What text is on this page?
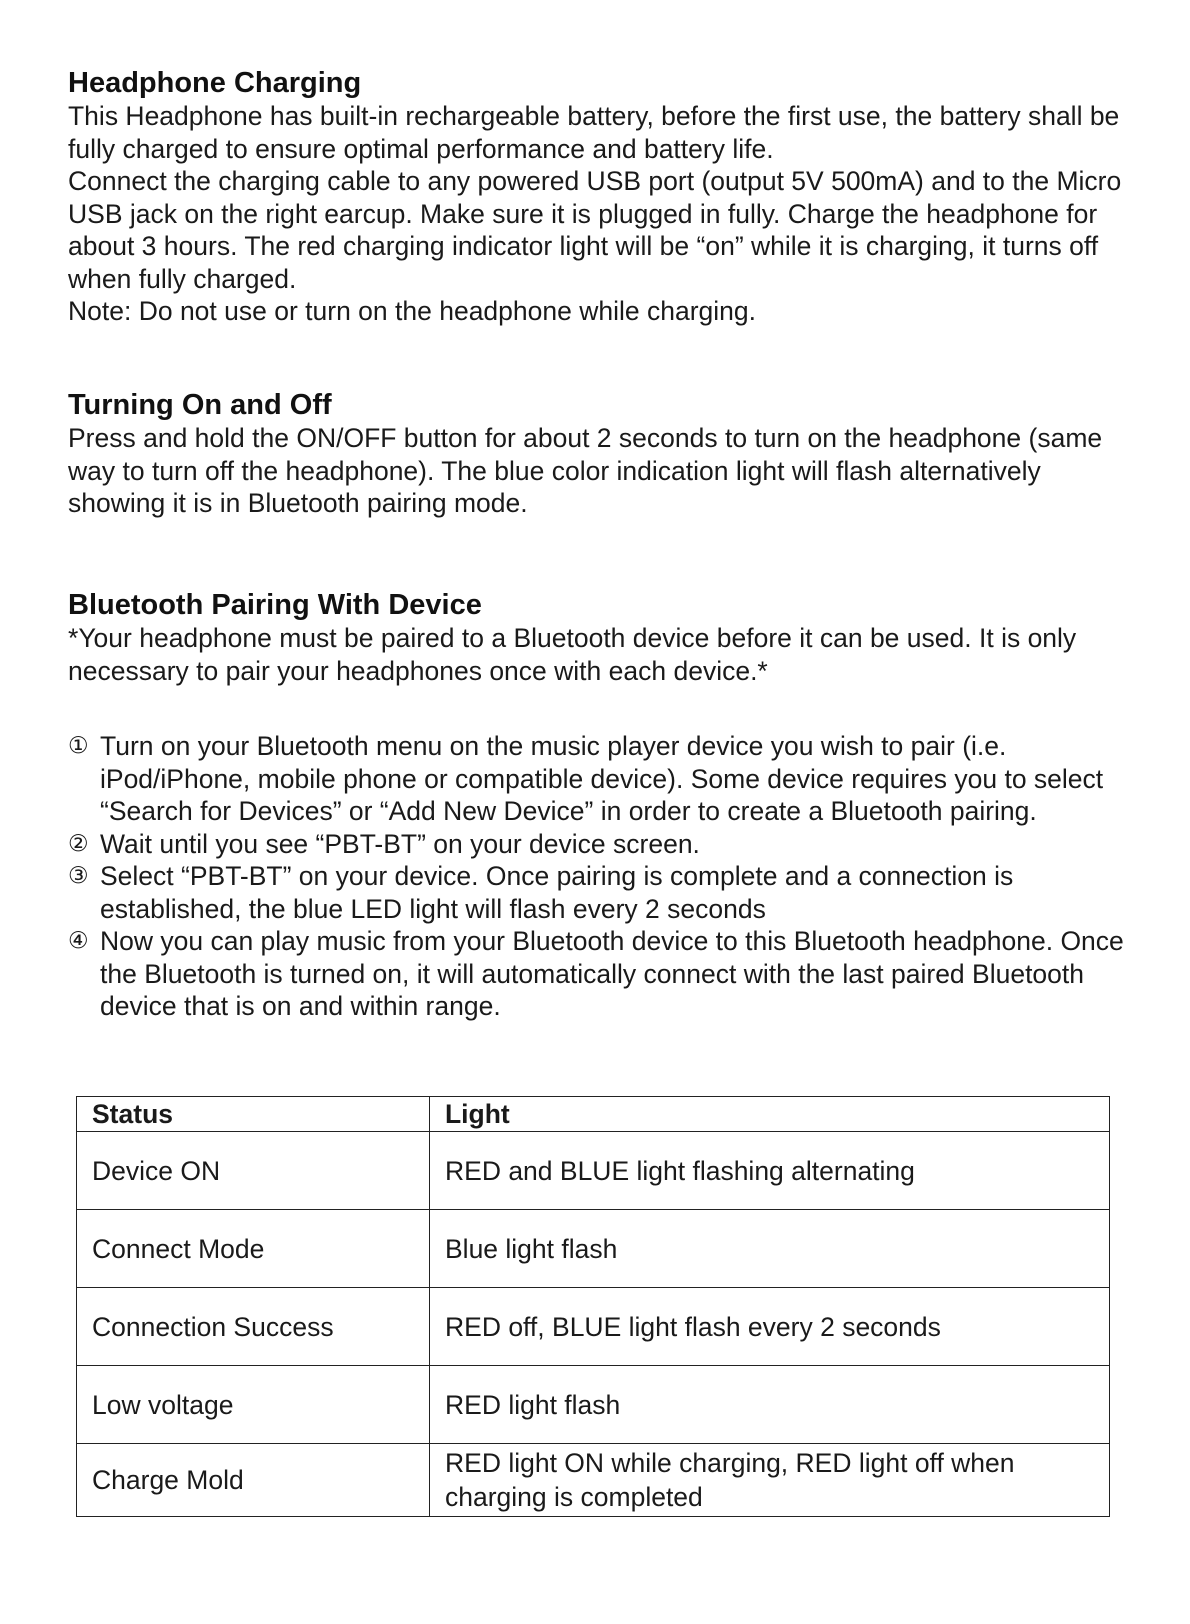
Headphone Charging

This Headphone has built-in rechargeable battery, before the first use, the battery shall be fully charged to ensure optimal performance and battery life.

Connect the charging cable to any powered USB port (output 5V 500mA) and to the Micro USB jack on the right earcup. Make sure it is plugged in fully. Charge the headphone for about 3 hours. The red charging indicator light will be “on” while it is charging, it turns off when fully charged.

Note: Do not use or turn on the headphone while charging.

Turning On and Off

Press and hold the ON/OFF button for about 2 seconds to turn on the headphone (same way to turn off the headphone). The blue color indication light will flash alternatively showing it is in Bluetooth pairing mode.

Bluetooth Pairing With Device

*Your headphone must be paired to a Bluetooth device before it can be used. It is only necessary to pair your headphones once with each device.*

① Turn on your Bluetooth menu on the music player device you wish to pair (i.e. iPod/iPhone, mobile phone or compatible device). Some device requires you to select “Search for Devices” or “Add New Device” in order to create a Bluetooth pairing.
② Wait until you see “PBT-BT” on your device screen.
③ Select “PBT-BT” on your device. Once pairing is complete and a connection is established, the blue LED light will flash every 2 seconds
④ Now you can play music from your Bluetooth device to this Bluetooth headphone. Once the Bluetooth is turned on, it will automatically connect with the last paired Bluetooth device that is on and within range.
Status	Light
Device ON	RED and BLUE light flashing alternating
Connect Mode	Blue light flash
Connection Success	RED off, BLUE light flash every 2 seconds
Low voltage	RED light flash
Charge Mold	RED light ON while charging, RED light off when charging is completed
